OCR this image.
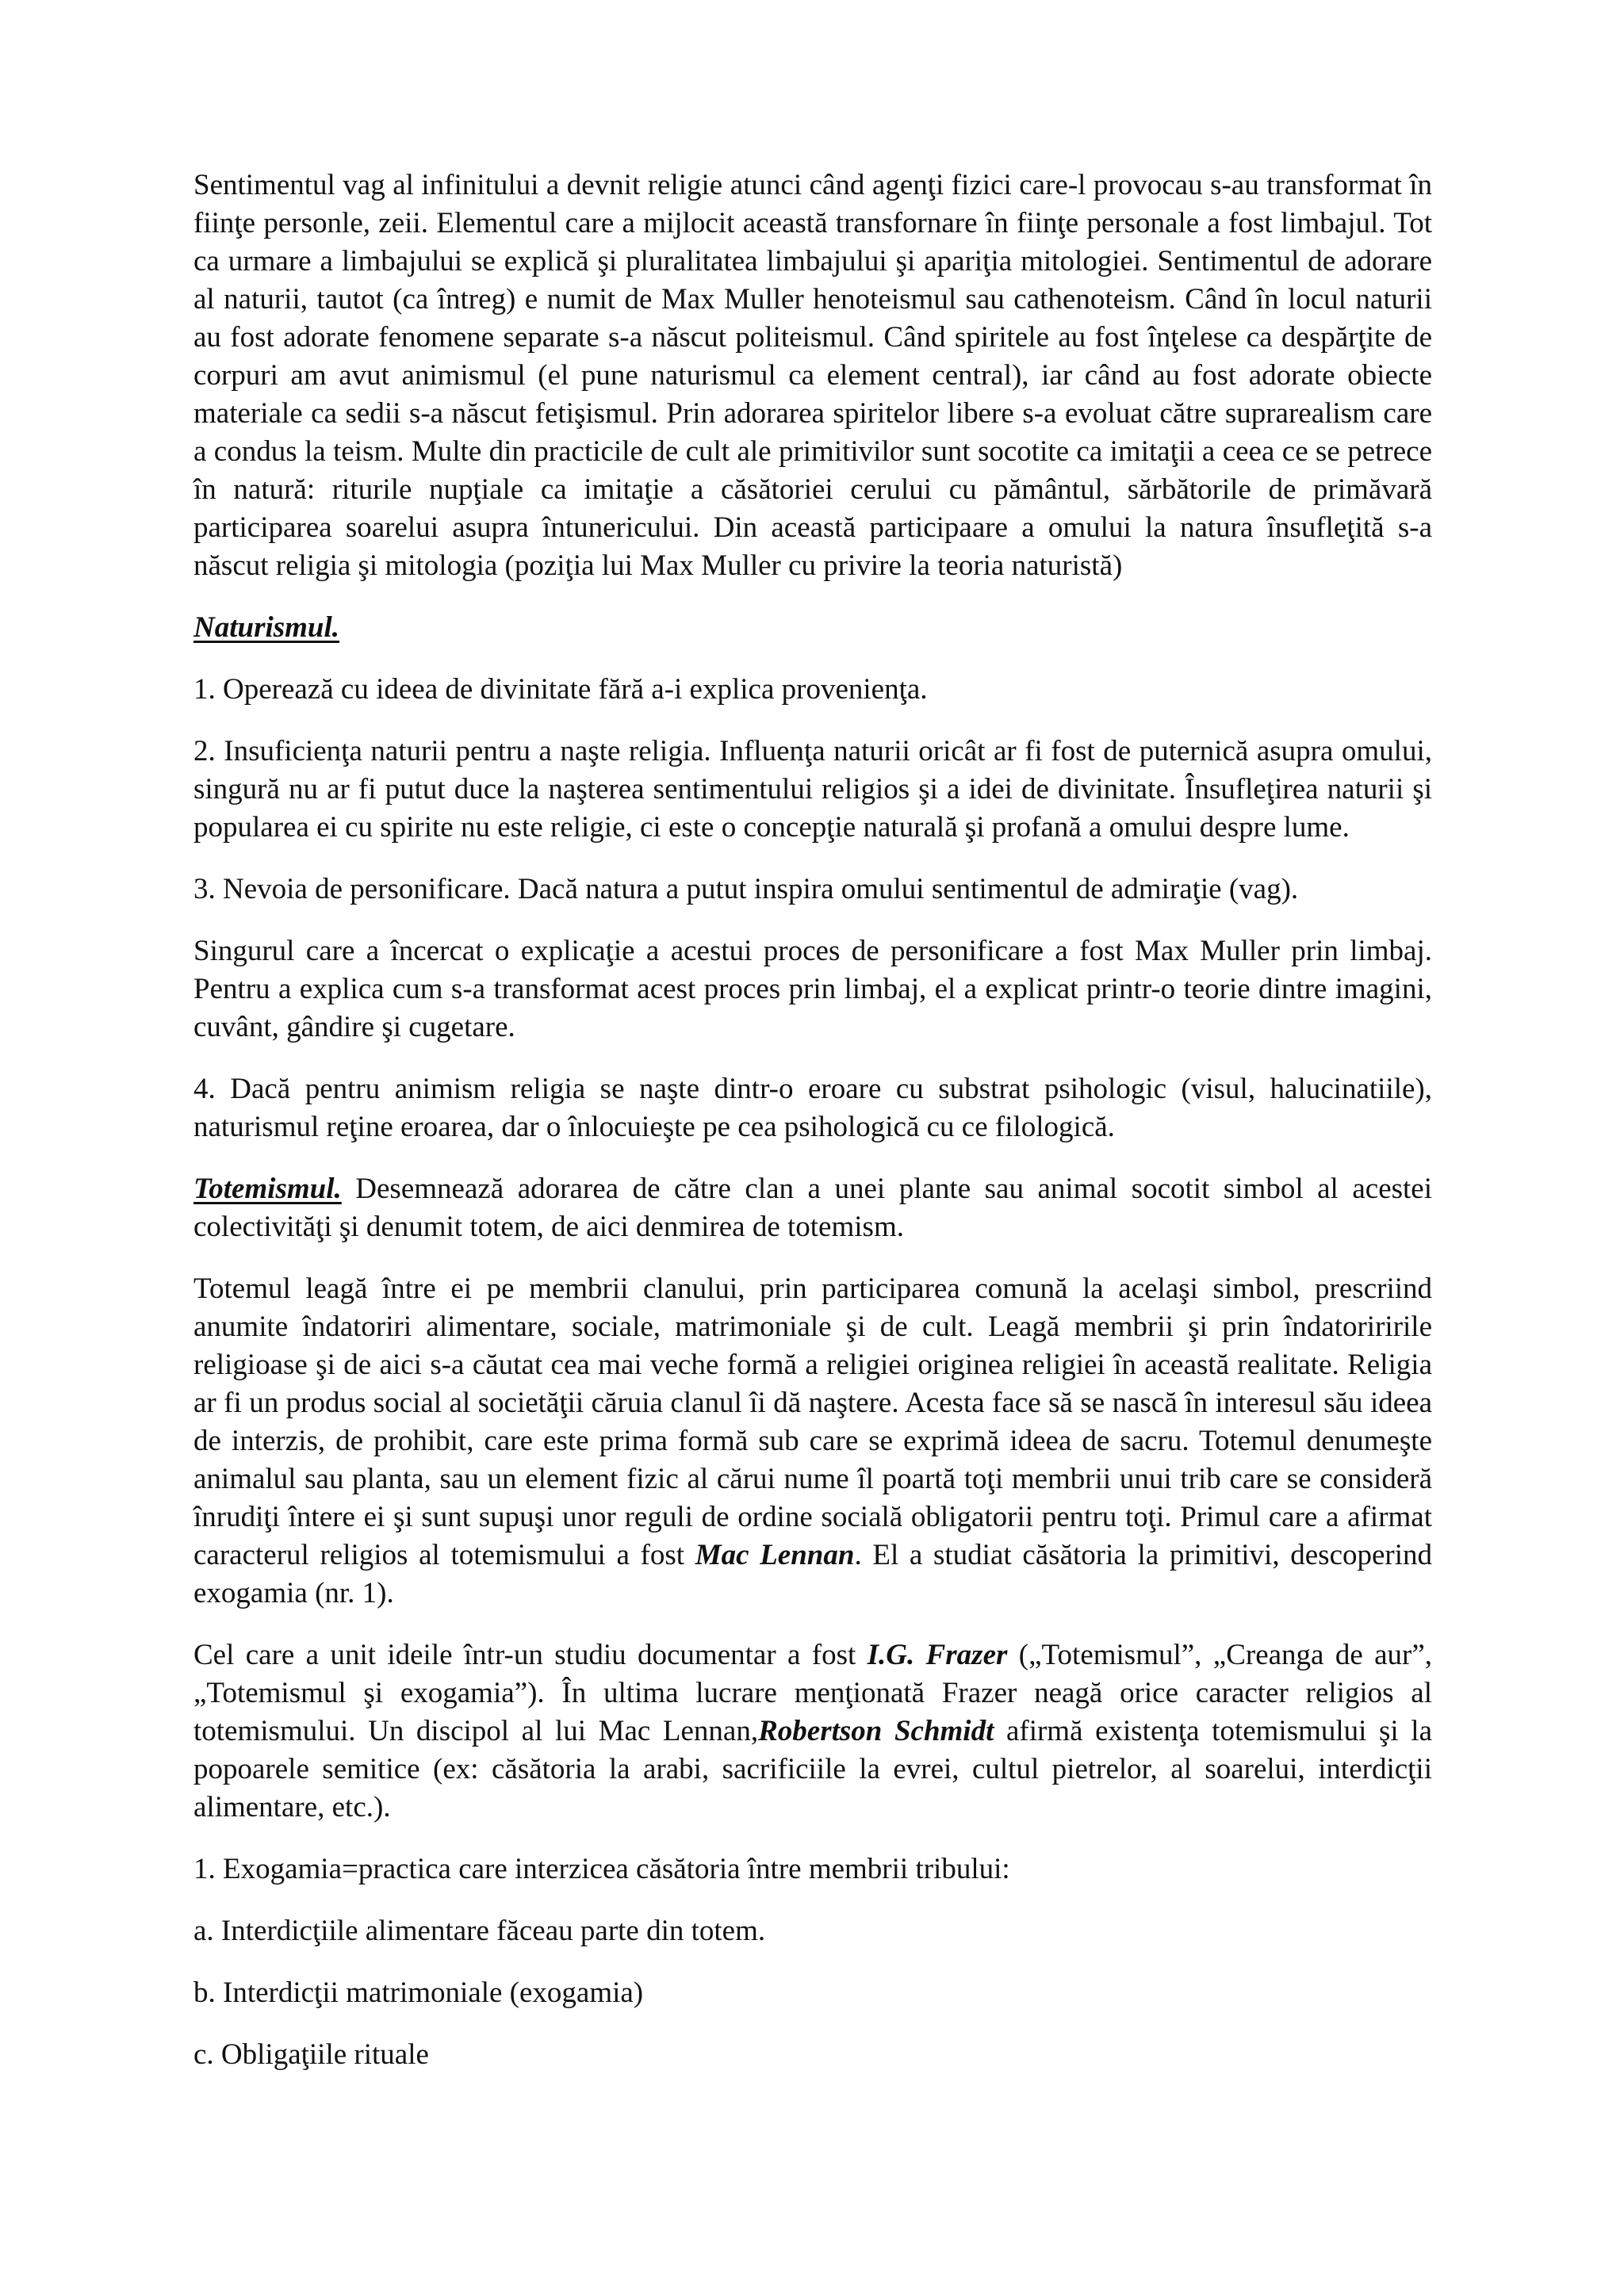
Sentimentul vag al infinitului a devnit religie atunci când agenţi fizici care-l provocau s-au transformat în fiinţe personle, zeii. Elementul care a mijlocit această transfornare în fiinţe personale a fost limbajul. Tot ca urmare a limbajului se explică şi pluralitatea limbajului şi apariţia mitologiei. Sentimentul de adorare al naturii, tautot (ca întreg) e numit de Max Muller henoteismul sau cathenoteism. Când în locul naturii au fost adorate fenomene separate s-a născut politeismul. Când spiritele au fost înţelese ca despărţite de corpuri am avut animismul (el pune naturismul ca element central), iar când au fost adorate obiecte materiale ca sedii s-a născut fetişismul. Prin adorarea spiritelor libere s-a evoluat către suprarealism care a condus la teism. Multe din practicile de cult ale primitivilor sunt socotite ca imitaţii a ceea ce se petrece în natură: riturile nupţiale ca imitaţie a căsătoriei cerului cu pământul, sărbătorile de primăvară participarea soarelui asupra întunericului. Din această participaare a omului la natura însufleţită s-a născut religia şi mitologia (poziţia lui Max Muller cu privire la teoria naturistă)

Naturismul.

1. Operează cu ideea de divinitate fără a-i explica provenienţa.

2. Insuficienţa naturii pentru a naşte religia. Influenţa naturii oricât ar fi fost de puternică asupra omului, singură nu ar fi putut duce la naşterea sentimentului religios şi a idei de divinitate. Însufleţirea naturii şi popularea ei cu spirite nu este religie, ci este o concepţie naturală şi profană a omului despre lume.

3. Nevoia de personificare. Dacă natura a putut inspira omului sentimentul de admiraţie (vag).

Singurul care a încercat o explicaţie a acestui proces de personificare a fost Max Muller prin limbaj. Pentru a explica cum s-a transformat acest proces prin limbaj, el a explicat printr-o teorie dintre imagini, cuvânt, gândire şi cugetare.

4. Dacă pentru animism religia se naşte dintr-o eroare cu substrat psihologic (visul, halucinatiile), naturismul reţine eroarea, dar o înlocuieşte pe cea psihologică cu ce filologică.

Totemismul. Desemnează adorarea de către clan a unei plante sau animal socotit simbol al acestei colectivităţi şi denumit totem, de aici denmirea de totemism.

Totemul leagă între ei pe membrii clanului, prin participarea comună la acelaşi simbol, prescriind anumite îndatoriri alimentare, sociale, matrimoniale şi de cult. Leagă membrii şi prin îndatoriririle religioase şi de aici s-a căutat cea mai veche formă a religiei originea religiei în această realitate. Religia ar fi un produs social al societăţii căruia clanul îi dă naştere. Acesta face să se nască în interesul său ideea de interzis, de prohibit, care este prima formă sub care se exprimă ideea de sacru. Totemul denumeşte animalul sau planta, sau un element fizic al cărui nume îl poartă toţi membrii unui trib care se consideră înrudiţi întere ei şi sunt supuşi unor reguli de ordine socială obligatorii pentru toţi. Primul care a afirmat caracterul religios al totemismului a fost Mac Lennan. El a studiat căsătoria la primitivi, descoperind exogamia (nr. 1).

Cel care a unit ideile într-un studiu documentar a fost I.G. Frazer („Totemismul”, „Creanga de aur”, „Totemismul şi exogamia”). În ultima lucrare menţionată Frazer neagă orice caracter religios al totemismului. Un discipol al lui Mac Lennan,Robertson Schmidt afirmă existenţa totemismului şi la popoarele semitice (ex: căsătoria la arabi, sacrificiile la evrei, cultul pietrelor, al soarelui, interdicţii alimentare, etc.).

1. Exogamia=practica care interzicea căsătoria între membrii tribului:

a. Interdicţiile alimentare făceau parte din totem.

b. Interdicţii matrimoniale (exogamia)

c. Obligaţiile rituale
